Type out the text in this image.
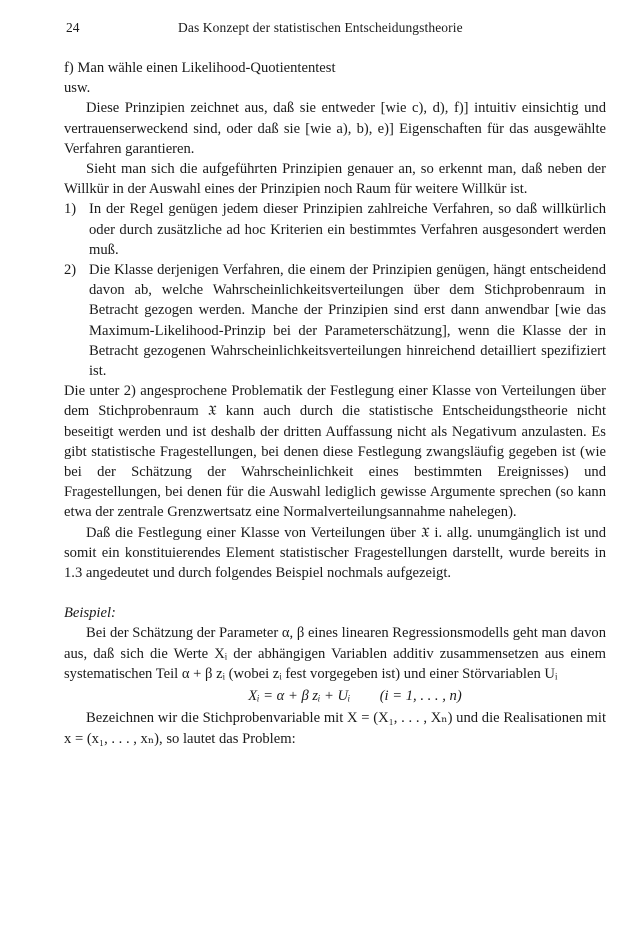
24	Das Konzept der statistischen Entscheidungstheorie

f) Man wähle einen Likelihood-Quotiententest

usw.

Diese Prinzipien zeichnet aus, daß sie entweder [wie c), d), f)] intuitiv einsichtig und vertrauenserweckend sind, oder daß sie [wie a), b), e)] Eigenschaften für das ausgewählte Verfahren garantieren.

Sieht man sich die aufgeführten Prinzipien genauer an, so erkennt man, daß neben der Willkür in der Auswahl eines der Prinzipien noch Raum für weitere Willkür ist.

1) In der Regel genügen jedem dieser Prinzipien zahlreiche Verfahren, so daß willkürlich oder durch zusätzliche ad hoc Kriterien ein bestimmtes Verfahren ausgesondert werden muß.
2) Die Klasse derjenigen Verfahren, die einem der Prinzipien genügen, hängt entscheidend davon ab, welche Wahrscheinlichkeitsverteilungen über dem Stichprobenraum in Betracht gezogen werden. Manche der Prinzipien sind erst dann anwendbar [wie das Maximum-Likelihood-Prinzip bei der Parameterschätzung], wenn die Klasse der in Betracht gezogenen Wahrscheinlichkeitsverteilungen hinreichend detailliert spezifiziert ist.

Die unter 2) angesprochene Problematik der Festlegung einer Klasse von Verteilungen über dem Stichprobenraum 𝔛 kann auch durch die statistische Entscheidungstheorie nicht beseitigt werden und ist deshalb der dritten Auffassung nicht als Negativum anzulasten. Es gibt statistische Fragestellungen, bei denen diese Festlegung zwangsläufig gegeben ist (wie bei der Schätzung der Wahrscheinlichkeit eines bestimmten Ereignisses) und Fragestellungen, bei denen für die Auswahl lediglich gewisse Argumente sprechen (so kann etwa der zentrale Grenzwertsatz eine Normalverteilungsannahme nahelegen).

Daß die Festlegung einer Klasse von Verteilungen über 𝔛 i. allg. unumgänglich ist und somit ein konstituierendes Element statistischer Fragestellungen darstellt, wurde bereits in 1.3 angedeutet und durch folgendes Beispiel nochmals aufgezeigt.

Beispiel:

Bei der Schätzung der Parameter α, β eines linearen Regressionsmodells geht man davon aus, daß sich die Werte Xᵢ der abhängigen Variablen additiv zusammensetzen aus einem systematischen Teil α + β zᵢ (wobei zᵢ fest vorgegeben ist) und einer Störvariablen Uᵢ

Xᵢ = α + β zᵢ + Uᵢ (i = 1, . . . , n)

Bezeichnen wir die Stichprobenvariable mit X = (X₁, . . . , Xₙ) und die Realisationen mit x = (x₁, . . . , xₙ), so lautet das Problem:
